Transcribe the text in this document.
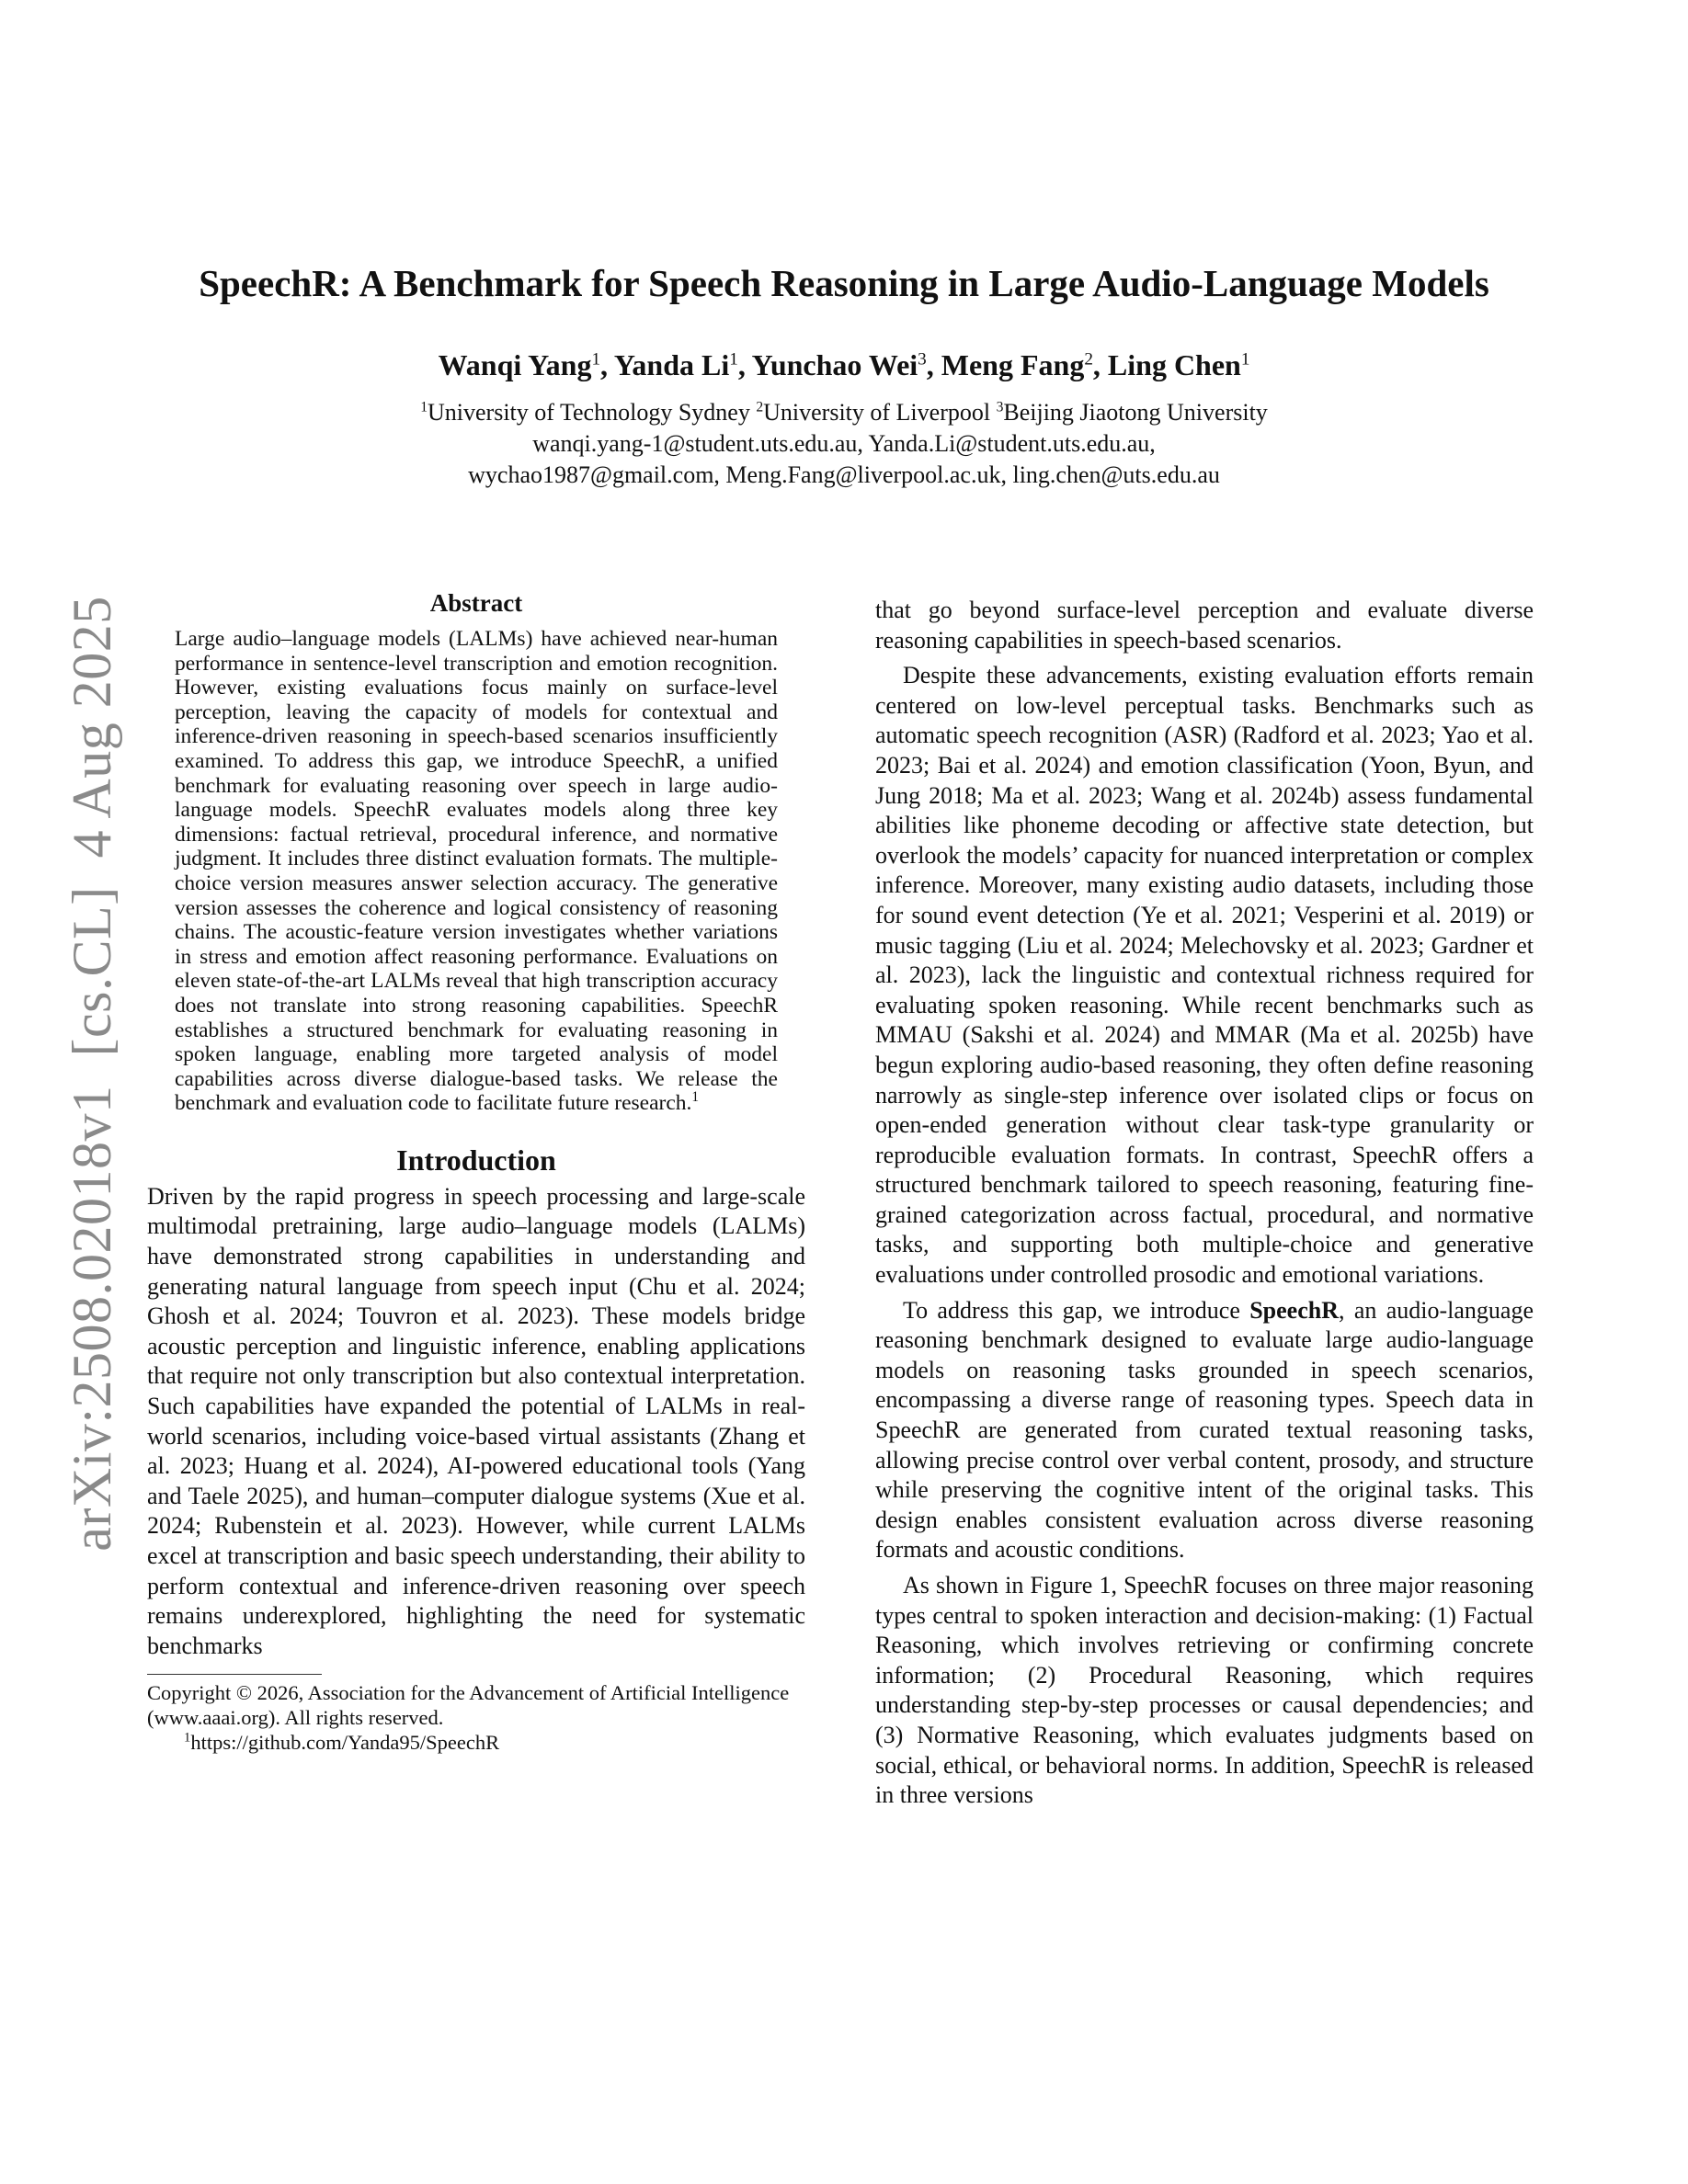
arXiv:2508.02018v1  [cs.CL]  4 Aug 2025
SpeechR: A Benchmark for Speech Reasoning in Large Audio-Language Models
Wanqi Yang$^1$, Yanda Li$^1$, Yunchao Wei$^3$, Meng Fang$^2$, Ling Chen$^1$
$^1$University of Technology Sydney $^2$University of Liverpool $^3$Beijing Jiaotong University
wanqi.yang-1@student.uts.edu.au, Yanda.Li@student.uts.edu.au,
wychao1987@gmail.com, Meng.Fang@liverpool.ac.uk, ling.chen@uts.edu.au
Abstract
Large audio–language models (LALMs) have achieved near-human performance in sentence-level transcription and emotion recognition. However, existing evaluations focus mainly on surface-level perception, leaving the capacity of models for contextual and inference-driven reasoning in speech-based scenarios insufficiently examined. To address this gap, we introduce SpeechR, a unified benchmark for evaluating reasoning over speech in large audio-language models. SpeechR evaluates models along three key dimensions: factual retrieval, procedural inference, and normative judgment. It includes three distinct evaluation formats. The multiple-choice version measures answer selection accuracy. The generative version assesses the coherence and logical consistency of reasoning chains. The acoustic-feature version investigates whether variations in stress and emotion affect reasoning performance. Evaluations on eleven state-of-the-art LALMs reveal that high transcription accuracy does not translate into strong reasoning capabilities. SpeechR establishes a structured benchmark for evaluating reasoning in spoken language, enabling more targeted analysis of model capabilities across diverse dialogue-based tasks. We release the benchmark and evaluation code to facilitate future research.$^1$
Introduction

Driven by the rapid progress in speech processing and large-scale multimodal pretraining, large audio–language models (LALMs) have demonstrated strong capabilities in understanding and generating natural language from speech input (Chu et al. 2024; Ghosh et al. 2024; Touvron et al. 2023). These models bridge acoustic perception and linguistic inference, enabling applications that require not only transcription but also contextual interpretation. Such capabilities have expanded the potential of LALMs in real-world scenarios, including voice-based virtual assistants (Zhang et al. 2023; Huang et al. 2024), AI-powered educational tools (Yang and Taele 2025), and human–computer dialogue systems (Xue et al. 2024; Rubenstein et al. 2023). However, while current LALMs excel at transcription and basic speech understanding, their ability to perform contextual and inference-driven reasoning over speech remains underexplored, highlighting the need for systematic benchmarks

Copyright © 2026, Association for the Advancement of Artificial Intelligence (www.aaai.org). All rights reserved.
$^1$https://github.com/Yanda95/SpeechR

that go beyond surface-level perception and evaluate diverse reasoning capabilities in speech-based scenarios.

Despite these advancements, existing evaluation efforts remain centered on low-level perceptual tasks. Benchmarks such as automatic speech recognition (ASR) (Radford et al. 2023; Yao et al. 2023; Bai et al. 2024) and emotion classification (Yoon, Byun, and Jung 2018; Ma et al. 2023; Wang et al. 2024b) assess fundamental abilities like phoneme decoding or affective state detection, but overlook the models’ capacity for nuanced interpretation or complex inference. Moreover, many existing audio datasets, including those for sound event detection (Ye et al. 2021; Vesperini et al. 2019) or music tagging (Liu et al. 2024; Melechovsky et al. 2023; Gardner et al. 2023), lack the linguistic and contextual richness required for evaluating spoken reasoning. While recent benchmarks such as MMAU (Sakshi et al. 2024) and MMAR (Ma et al. 2025b) have begun exploring audio-based reasoning, they often define reasoning narrowly as single-step inference over isolated clips or focus on open-ended generation without clear task-type granularity or reproducible evaluation formats. In contrast, SpeechR offers a structured benchmark tailored to speech reasoning, featuring fine-grained categorization across factual, procedural, and normative tasks, and supporting both multiple-choice and generative evaluations under controlled prosodic and emotional variations.

To address this gap, we introduce SpeechR, an audio-language reasoning benchmark designed to evaluate large audio-language models on reasoning tasks grounded in speech scenarios, encompassing a diverse range of reasoning types. Speech data in SpeechR are generated from curated textual reasoning tasks, allowing precise control over verbal content, prosody, and structure while preserving the cognitive intent of the original tasks. This design enables consistent evaluation across diverse reasoning formats and acoustic conditions.

As shown in Figure 1, SpeechR focuses on three major reasoning types central to spoken interaction and decision-making: (1) Factual Reasoning, which involves retrieving or confirming concrete information; (2) Procedural Reasoning, which requires understanding step-by-step processes or causal dependencies; and (3) Normative Reasoning, which evaluates judgments based on social, ethical, or behavioral norms. In addition, SpeechR is released in three versions
